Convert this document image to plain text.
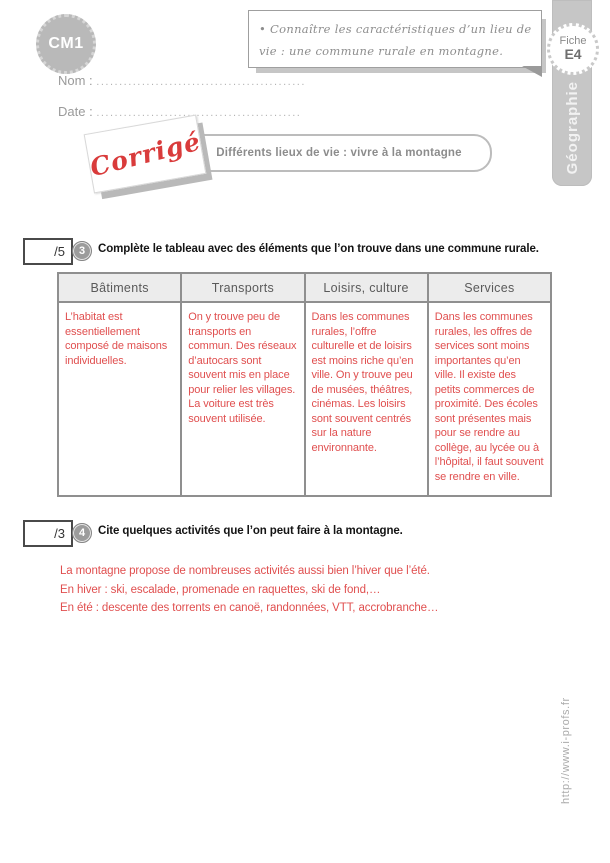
CM1
• Connaître les caractéristiques d’un lieu de vie : une commune rurale en montagne.
Géographie
Fiche
E4
Nom : ..............................................
Date : .............................................
Corrigé Différents lieux de vie : vivre à la montagne
/5 3 Complète le tableau avec des éléments que l’on trouve dans une commune rurale.
Bâtiments	Transports	Loisirs, culture	Services
L’habitat est essentiellement composé de maisons individuelles.	On y trouve peu de transports en commun. Des réseaux d’autocars sont souvent mis en place pour relier les villages. La voiture est très souvent utilisée.	Dans les communes rurales, l’offre culturelle et de loisirs est moins riche qu’en ville. On y trouve peu de musées, théâtres, cinémas. Les loisirs sont souvent centrés sur la nature environnante.	Dans les communes rurales, les offres de services sont moins importantes qu’en ville. Il existe des petits commerces de proximité. Des écoles sont présentes mais pour se rendre au collège, au lycée ou à l’hôpital, il faut souvent se rendre en ville.
/3 4 Cite quelques activités que l’on peut faire à la montagne.
La montagne propose de nombreuses activités aussi bien l’hiver que l’été.
En hiver : ski, escalade, promenade en raquettes, ski de fond,…
En été : descente des torrents en canoë, randonnées, VTT, accrobranche…
http://www.i-profs.fr
